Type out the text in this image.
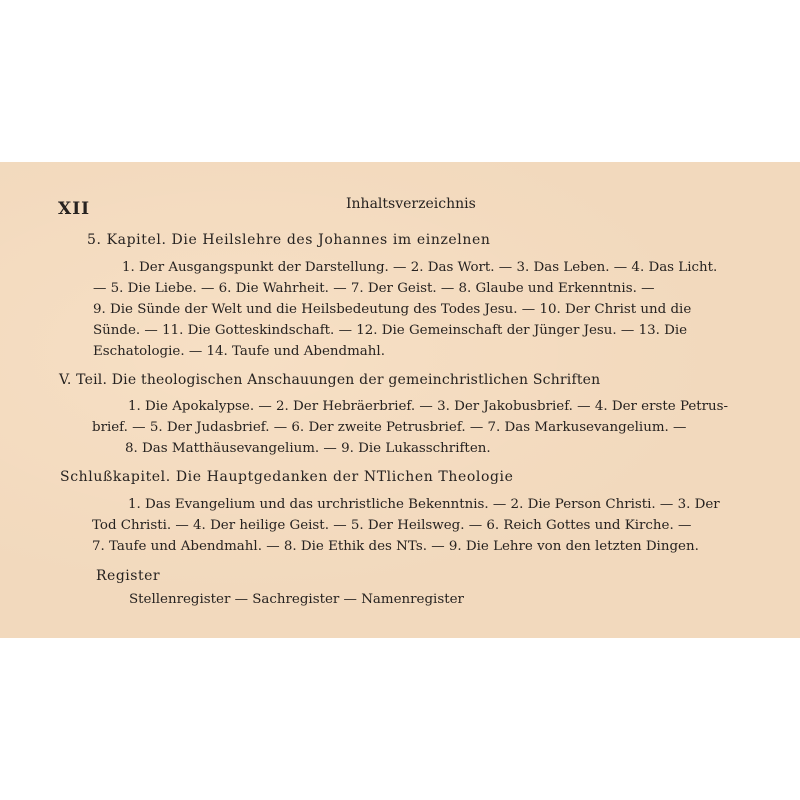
XII	Inhaltsverzeichnis
5. Kapitel. Die Heilslehre des Johannes im einzelnen
1. Der Ausgangspunkt der Darstellung. — 2. Das Wort. — 3. Das Leben. — 4. Das Licht.
— 5. Die Liebe. — 6. Die Wahrheit. — 7. Der Geist. — 8. Glaube und Erkenntnis. —
9. Die Sünde der Welt und die Heilsbedeutung des Todes Jesu. — 10. Der Christ und die
Sünde. — 11. Die Gotteskindschaft. — 12. Die Gemeinschaft der Jünger Jesu. — 13. Die
Eschatologie. — 14. Taufe und Abendmahl.
V. Teil. Die theologischen Anschauungen der gemeinchristlichen Schriften
1. Die Apokalypse. — 2. Der Hebräerbrief. — 3. Der Jakobusbrief. — 4. Der erste Petrus-
brief. — 5. Der Judasbrief. — 6. Der zweite Petrusbrief. — 7. Das Markusevangelium. —
8. Das Matthäusevangelium. — 9. Die Lukasschriften.
Schlußkapitel. Die Hauptgedanken der NTlichen Theologie
1. Das Evangelium und das urchristliche Bekenntnis. — 2. Die Person Christi. — 3. Der
Tod Christi. — 4. Der heilige Geist. — 5. Der Heilsweg. — 6. Reich Gottes und Kirche. —
7. Taufe und Abendmahl. — 8. Die Ethik des NTs. — 9. Die Lehre von den letzten Dingen.
Register
Stellenregister — Sachregister — Namenregister
